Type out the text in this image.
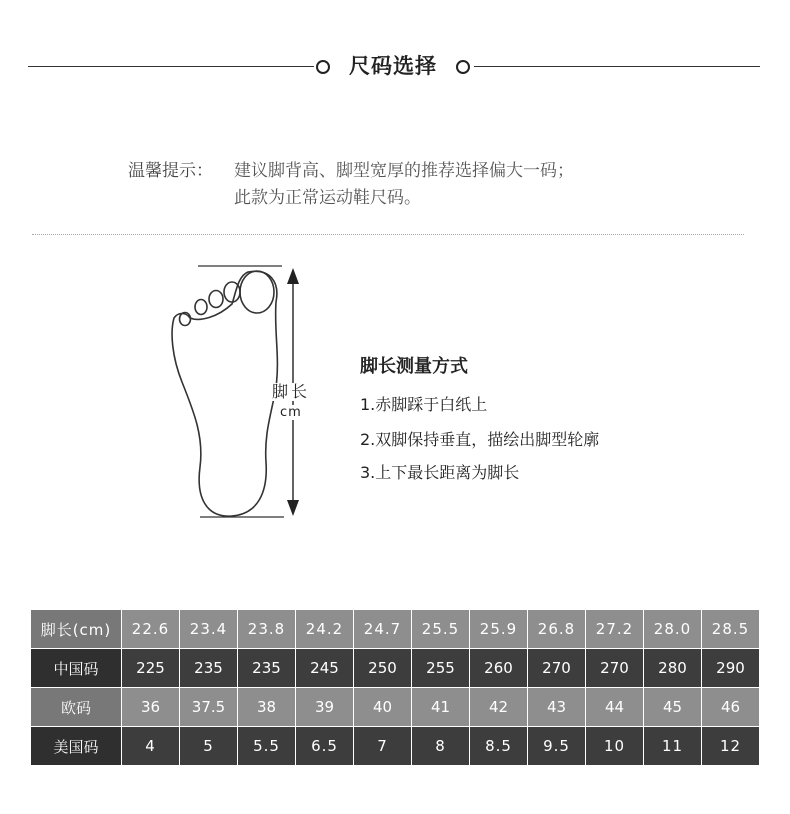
尺码选择
温馨提示： 建议脚背高、脚型宽厚的推荐选择偏大一码；
此款为正常运动鞋尺码。
脚长
cm
脚长测量方式
1.赤脚踩于白纸上
2.双脚保持垂直，描绘出脚型轮廓
3.上下最长距离为脚长
脚长(cm)	22.6	23.4	23.8	24.2	24.7	25.5	25.9	26.8	27.2	28.0	28.5
中国码	225	235	235	245	250	255	260	270	270	280	290
欧码	36	37.5	38	39	40	41	42	43	44	45	46
美国码	4	5	5.5	6.5	7	8	8.5	9.5	10	11	12
